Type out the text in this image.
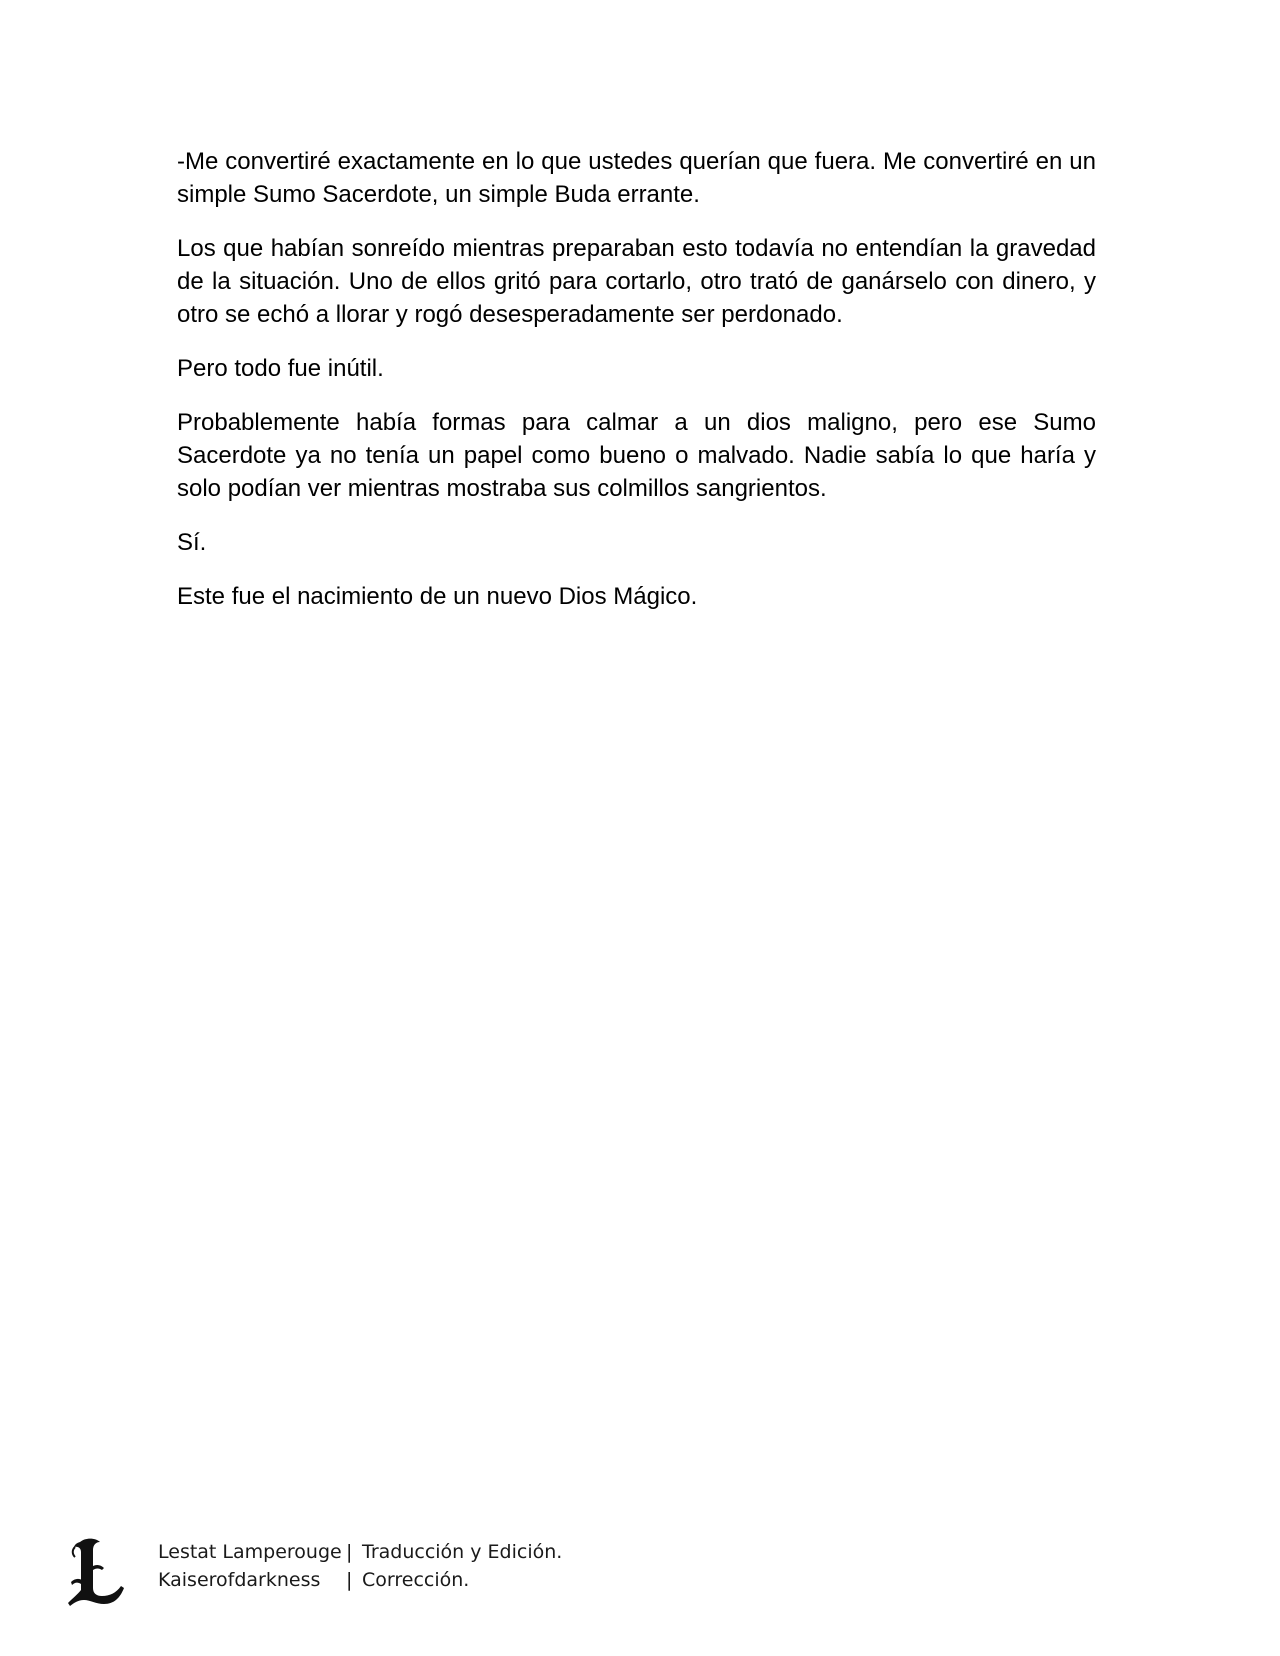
-Me convertiré exactamente en lo que ustedes querían que fuera. Me convertiré en un simple Sumo Sacerdote, un simple Buda errante.

Los que habían sonreído mientras preparaban esto todavía no entendían la gravedad de la situación. Uno de ellos gritó para cortarlo, otro trató de ganárselo con dinero, y otro se echó a llorar y rogó desesperadamente ser perdonado.

Pero todo fue inútil.

Probablemente había formas para calmar a un dios maligno, pero ese Sumo Sacerdote ya no tenía un papel como bueno o malvado. Nadie sabía lo que haría y solo podían ver mientras mostraba sus colmillos sangrientos.

Sí.

Este fue el nacimiento de un nuevo Dios Mágico.

Lestat Lamperouge | Traducción y Edición.
Kaiserofdarkness | Corrección.
